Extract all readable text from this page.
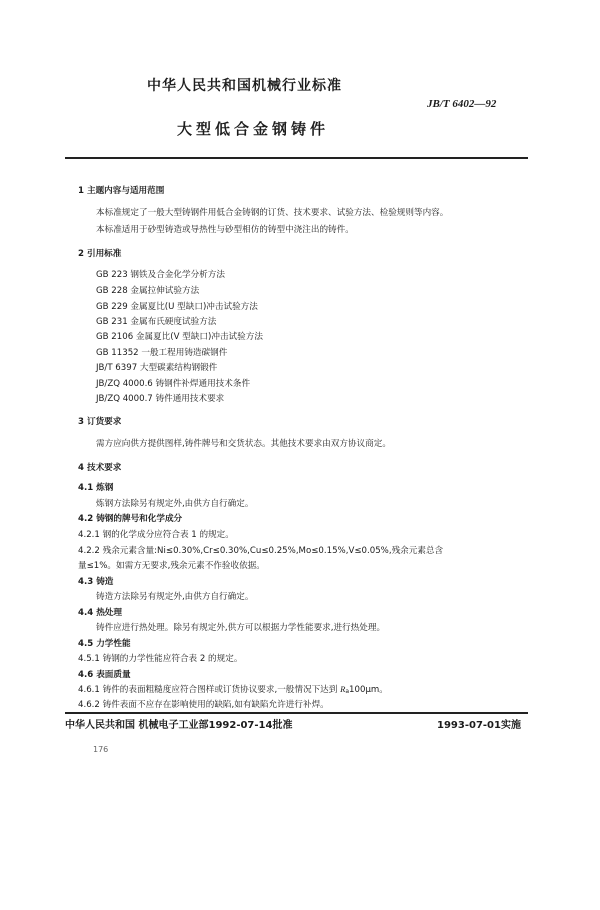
中华人民共和国机械行业标准
JB/T 6402—92
大型低合金钢铸件
1 主题内容与适用范围
本标准规定了一般大型铸钢件用低合金铸钢的订货、技术要求、试验方法、检验规则等内容。
本标准适用于砂型铸造或导热性与砂型相仿的铸型中浇注出的铸件。
2 引用标准
GB 223 钢铁及合金化学分析方法
GB 228 金属拉伸试验方法
GB 229 金属夏比(U 型缺口)冲击试验方法
GB 231 金属布氏硬度试验方法
GB 2106 金属夏比(V 型缺口)冲击试验方法
GB 11352 一般工程用铸造碳钢件
JB/T 6397 大型碳素结构钢锻件
JB/ZQ 4000.6 铸钢件补焊通用技术条件
JB/ZQ 4000.7 铸件通用技术要求
3 订货要求
需方应向供方提供图样,铸件牌号和交货状态。其他技术要求由双方协议商定。
4 技术要求
4.1 炼钢
炼钢方法除另有规定外,由供方自行确定。
4.2 铸钢的牌号和化学成分
4.2.1 钢的化学成分应符合表 1 的规定。
4.2.2 残余元素含量:Ni≤0.30%,Cr≤0.30%,Cu≤0.25%,Mo≤0.15%,V≤0.05%,残余元素总含
量≤1%。如需方无要求,残余元素不作验收依据。
4.3 铸造
铸造方法除另有规定外,由供方自行确定。
4.4 热处理
铸件应进行热处理。除另有规定外,供方可以根据力学性能要求,进行热处理。
4.5 力学性能
4.5.1 铸钢的力学性能应符合表 2 的规定。
4.6 表面质量
4.6.1 铸件的表面粗糙度应符合图样或订货协议要求,一般情况下达到 Ra100μm。
4.6.2 铸件表面不应存在影响使用的缺陷,如有缺陷允许进行补焊。
中华人民共和国 机械电子工业部1992-07-14批准	1993-07-01实施
176
